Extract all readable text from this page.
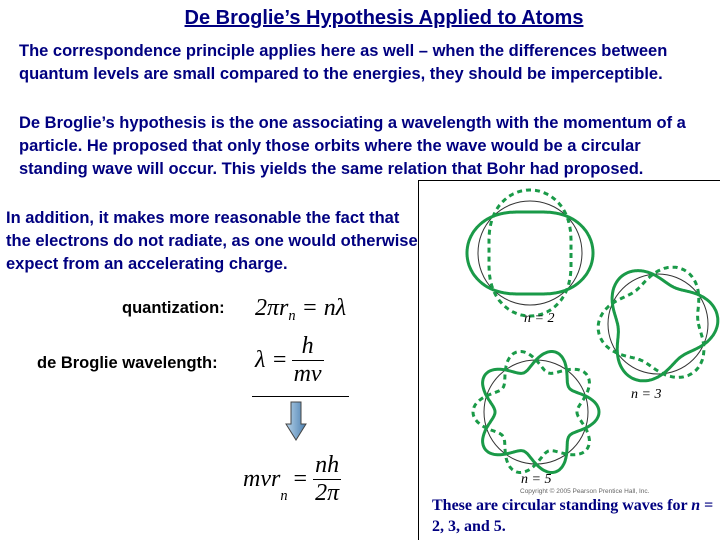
De Broglie’s Hypothesis Applied to Atoms
The correspondence principle applies here as well – when the differences between quantum levels are small compared to the energies, they should be imperceptible.
De Broglie’s hypothesis is the one associating a wavelength with the momentum of a particle. He proposed that only those orbits where the wave would be a circular standing wave will occur. This yields the same relation that Bohr had proposed.
In addition, it makes more reasonable the fact that the electrons do not radiate, as one would otherwise expect from an accelerating charge.
quantization:
de Broglie wavelength:
$2\pi r_n = n\lambda$
$\lambda = \frac{h}{mv}$
mvr
n
= $\frac{nh}{2\pi}$
n = 2
n = 3
n = 5
Copyright © 2005 Pearson Prentice Hall, Inc.
These are circular standing waves for n = 2, 3, and 5.
